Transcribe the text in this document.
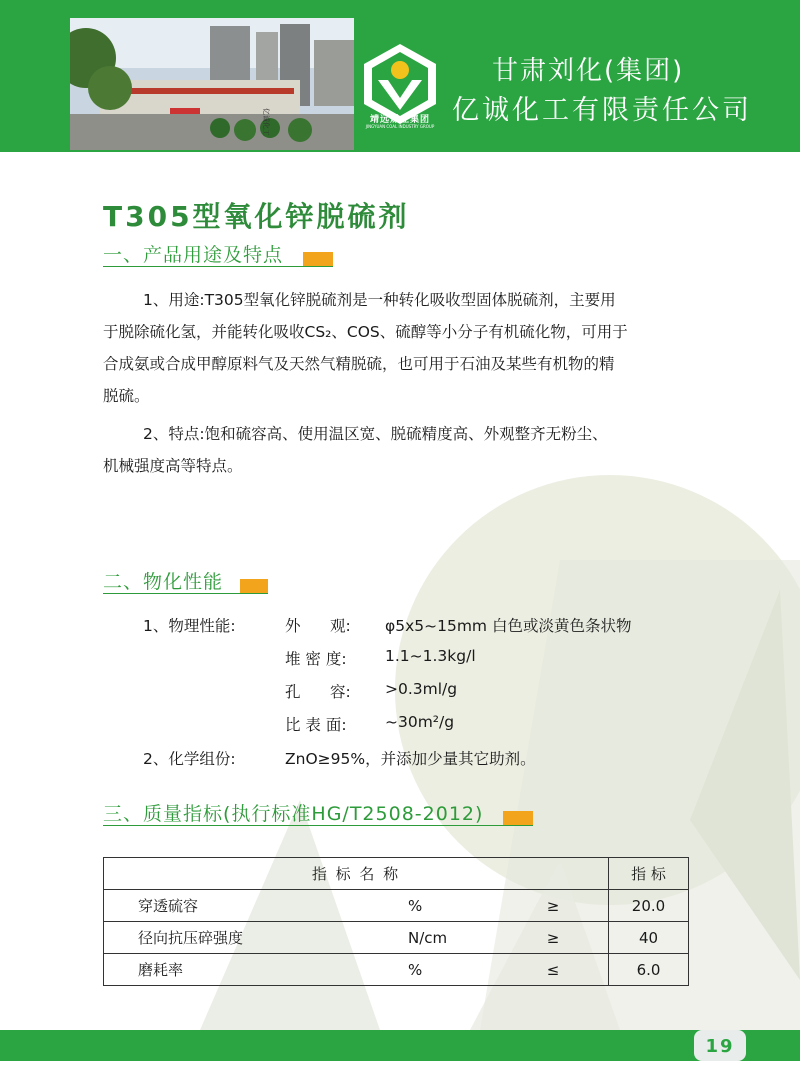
亿诚化工	靖远煤业集团
JINGYUAN COAL INDUSTRY GROUP
甘肃刘化(集团)
亿诚化工有限责任公司
T305型氧化锌脱硫剂
一、产品用途及特点
1、用途:T305型氧化锌脱硫剂是一种转化吸收型固体脱硫剂，主要用
于脱除硫化氢，并能转化吸收CS₂、COS、硫醇等小分子有机硫化物，可用于
合成氨或合成甲醇原料气及天然气精脱硫，也可用于石油及某些有机物的精
脱硫。
2、特点:饱和硫容高、使用温区宽、脱硫精度高、外观整齐无粉尘、
机械强度高等特点。
二、物化性能
1、物理性能:	外      观: φ5x5~15mm 白色或淡黄色条状物
堆 密 度: 1.1~1.3kg/l
孔      容: >0.3ml/g
比 表 面: ~30m²/g
2、化学组份:	ZnO≥95%，并添加少量其它助剂。
三、质量指标(执行标准HG/T2508-2012)
指 标 名 称			指 标
穿透硫容	%	≥	20.0
径向抗压碎强度	N/cm	≥	40
磨耗率	%	≤	6.0
19
